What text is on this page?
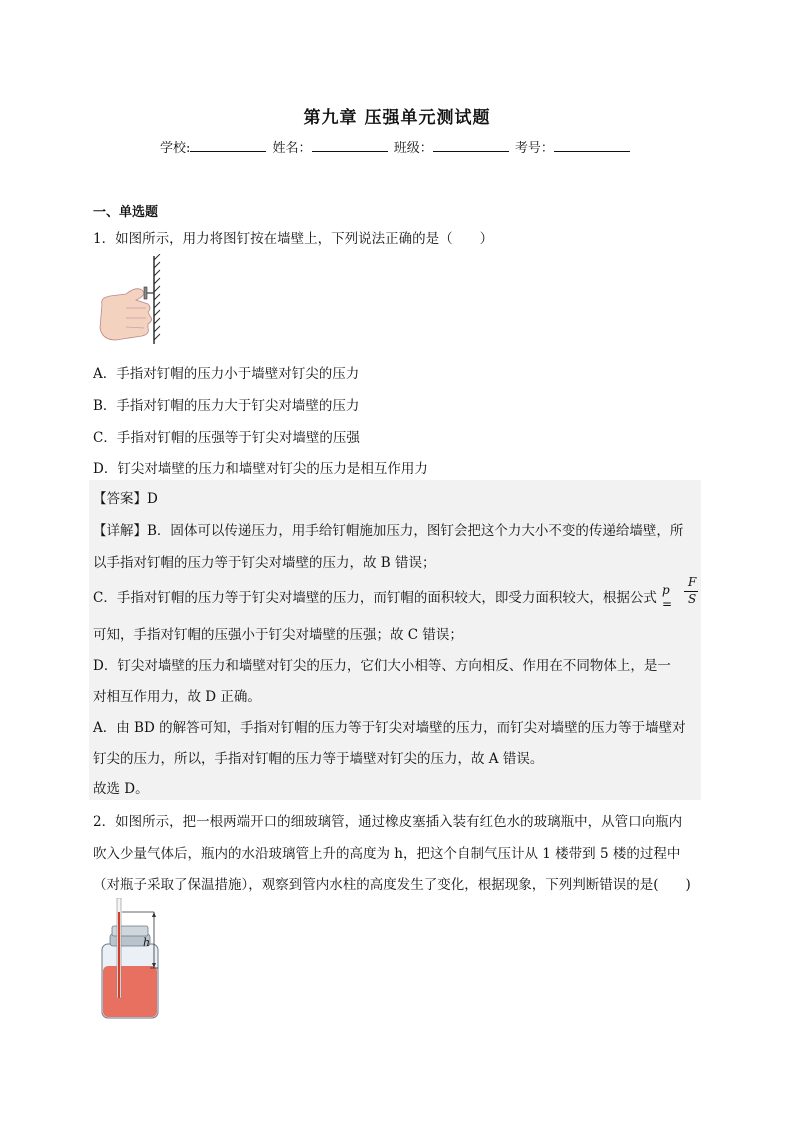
第九章 压强单元测试题
学校:	姓名：	班级：	考号：
一、单选题
1．如图所示，用力将图钉按在墙壁上，下列说法正确的是（　　）
A．手指对钉帽的压力小于墙壁对钉尖的压力
B．手指对钉帽的压力大于钉尖对墙壁的压力
C．手指对钉帽的压强等于钉尖对墙壁的压强
D．钉尖对墙壁的压力和墙壁对钉尖的压力是相互作用力
【答案】D
【详解】B．固体可以传递压力，用手给钉帽施加压力，图钉会把这个力大小不变的传递给墙壁，所
以手指对钉帽的压力等于钉尖对墙壁的压力，故 B 错误；
C．手指对钉帽的压力等于钉尖对墙壁的压力，而钉帽的面积较大，即受力面积较大，根据公式 p =
F
S
可知，手指对钉帽的压强小于钉尖对墙壁的压强；故 C 错误；
D．钉尖对墙壁的压力和墙壁对钉尖的压力，它们大小相等、方向相反、作用在不同物体上，是一
对相互作用力，故 D 正确。
A．由 BD 的解答可知，手指对钉帽的压力等于钉尖对墙壁的压力，而钉尖对墙壁的压力等于墙壁对
钉尖的压力，所以，手指对钉帽的压力等于墙壁对钉尖的压力，故 A 错误。
故选 D。
2．如图所示，把一根两端开口的细玻璃管，通过橡皮塞插入装有红色水的玻璃瓶中，从管口向瓶内
吹入少量气体后，瓶内的水沿玻璃管上升的高度为 h，把这个自制气压计从 1 楼带到 5 楼的过程中
（对瓶子采取了保温措施），观察到管内水柱的高度发生了变化，根据现象，下列判断错误的是(　　)
h
